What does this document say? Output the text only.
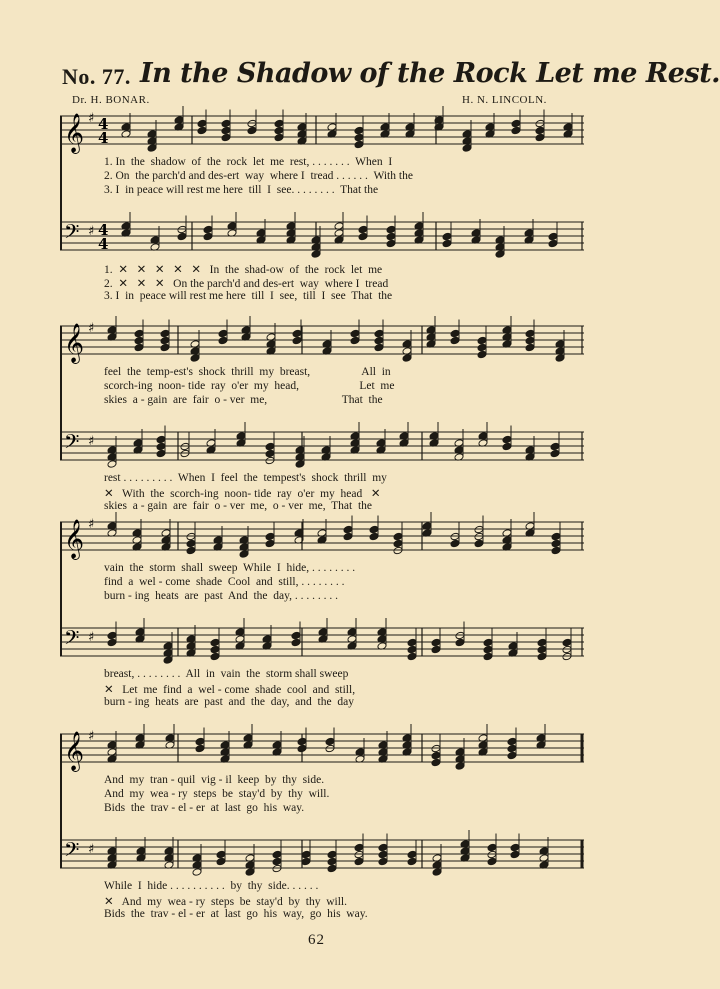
No. 77. In the Shadow of the Rock Let me Rest.
Dr. H. BONAR.	H. N. LINCOLN.
𝄞 ♯ 4
4
1. In  the  shadow  of  the  rock  let  me  rest, . . . . . . .  When  I
2. On  the parch'd and des-ert  way  where I  tread . . . . . .  With the
3. I  in peace will rest me here  till  I  see. . . . . . . .  That the
𝄢 ♯ 4
4
1.  ✕   ✕   ✕   ✕   ✕   In  the  shad-ow  of  the  rock  let  me
2.  ✕   ✕   ✕   On the parch'd and des-ert  way  where I  tread
3. I  in  peace will rest me here  till  I  see,  till  I  see  That  the
𝄞 ♯
feel  the  temp-est's  shock  thrill  my  breast,                  All  in
scorch-ing  noon- tide  ray  o'er  my  head,                     Let  me
skies  a - gain  are  fair  o - ver  me,                          That  the
𝄢 ♯
rest . . . . . . . . .  When  I  feel  the  tempest's  shock  thrill  my
✕   With  the  scorch-ing  noon- tide  ray  o'er  my  head   ✕
skies  a - gain  are  fair  o - ver  me,  o - ver  me,  That  the
𝄞 ♯
vain  the  storm  shall  sweep  While  I  hide, . . . . . . . .
find  a  wel - come  shade  Cool  and  still, . . . . . . . .
burn - ing  heats  are  past  And  the  day, . . . . . . . .
𝄢 ♯
breast, . . . . . . . .  All  in  vain  the  storm shall sweep
✕   Let  me  find  a  wel - come  shade  cool  and  still,
burn - ing  heats  are  past  and  the  day,  and  the  day
𝄞 ♯
And  my  tran - quil  vig - il  keep  by  thy  side.
And  my  wea - ry  steps  be  stay'd  by  thy  will.
Bids  the  trav - el - er  at  last  go  his  way.
𝄢 ♯
While  I  hide . . . . . . . . . .  by  thy  side. . . . . .
✕   And  my  wea - ry  steps  be  stay'd  by  thy  will.
Bids  the  trav - el - er  at  last  go  his  way,  go  his  way.
62
